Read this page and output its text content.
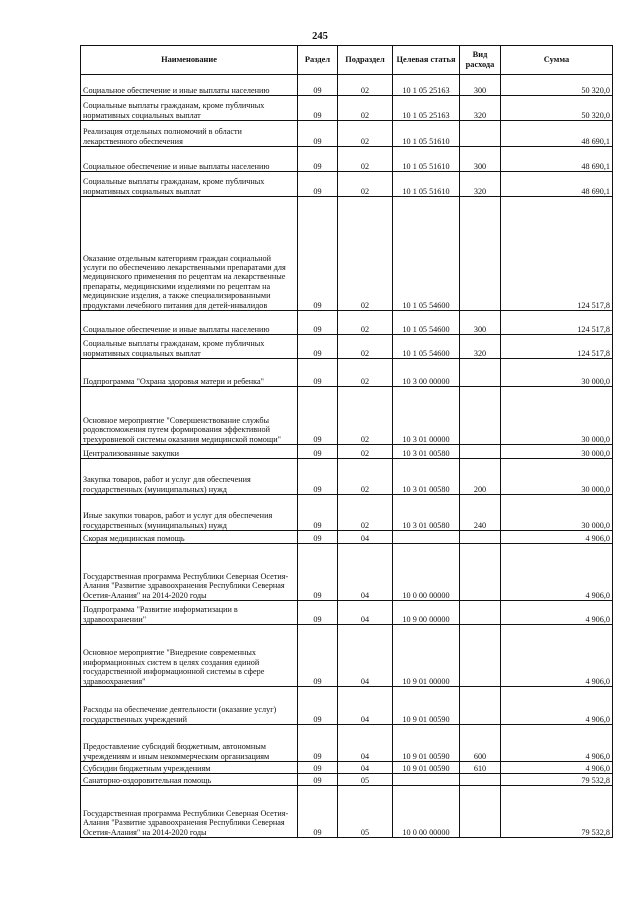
245
Наименование	Раздел	Подраздел	Целевая статья	Вид расхода	Сумма
Социальное обеспечение и иные выплаты населению	09	02	10 1 05 25163	300	50 320,0
Социальные выплаты гражданам, кроме публичных нормативных социальных выплат	09	02	10 1 05 25163	320	50 320,0
Реализация отдельных полномочий в области лекарственного обеспечения	09	02	10 1 05 51610		48 690,1
Социальное обеспечение и иные выплаты населению	09	02	10 1 05 51610	300	48 690,1
Социальные выплаты гражданам, кроме публичных нормативных социальных выплат	09	02	10 1 05 51610	320	48 690,1
Оказание отдельным категориям граждан социальной услуги по обеспечению лекарственными препаратами для медицинского применения по рецептам на лекарственные препараты, медицинскими изделиями по рецептам на медицинские изделия, а также специализированными продуктами лечебного питания для детей-инвалидов	09	02	10 1 05 54600		124 517,8
Социальное обеспечение и иные выплаты населению	09	02	10 1 05 54600	300	124 517,8
Социальные выплаты гражданам, кроме публичных нормативных социальных выплат	09	02	10 1 05 54600	320	124 517,8
Подпрограмма "Охрана здоровья матери и ребенка"	09	02	10 3 00 00000		30 000,0
Основное мероприятие "Совершенствование службы родовспоможения путем формирования эффективной трехуровневой системы оказания медицинской помощи"	09	02	10 3 01 00000		30 000,0
Централизованные закупки	09	02	10 3 01 00580		30 000,0
Закупка товаров, работ и услуг для обеспечения государственных (муниципальных) нужд	09	02	10 3 01 00580	200	30 000,0
Иные закупки товаров, работ и услуг для обеспечения государственных (муниципальных) нужд	09	02	10 3 01 00580	240	30 000,0
Скорая медицинская помощь	09	04			4 906,0
Государственная программа Республики Северная Осетия-Алания "Развитие здравоохранения Республики Северная Осетия-Алания" на 2014-2020 годы	09	04	10 0 00 00000		4 906,0
Подпрограмма "Развитие информатизации в здравоохранении"	09	04	10 9 00 00000		4 906,0
Основное мероприятие "Внедрение современных информационных систем в целях создания единой государственной информационной системы в сфере здравоохранения"	09	04	10 9 01 00000		4 906,0
Расходы на обеспечение деятельности (оказание услуг) государственных учреждений	09	04	10 9 01 00590		4 906,0
Предоставление субсидий бюджетным, автономным учреждениям и иным некоммерческим организациям	09	04	10 9 01 00590	600	4 906,0
Субсидии бюджетным учреждениям	09	04	10 9 01 00590	610	4 906,0
Санаторно-оздоровительная помощь	09	05			79 532,8
Государственная программа Республики Северная Осетия-Алания "Развитие здравоохранения Республики Северная Осетия-Алания" на 2014-2020 годы	09	05	10 0 00 00000		79 532,8
